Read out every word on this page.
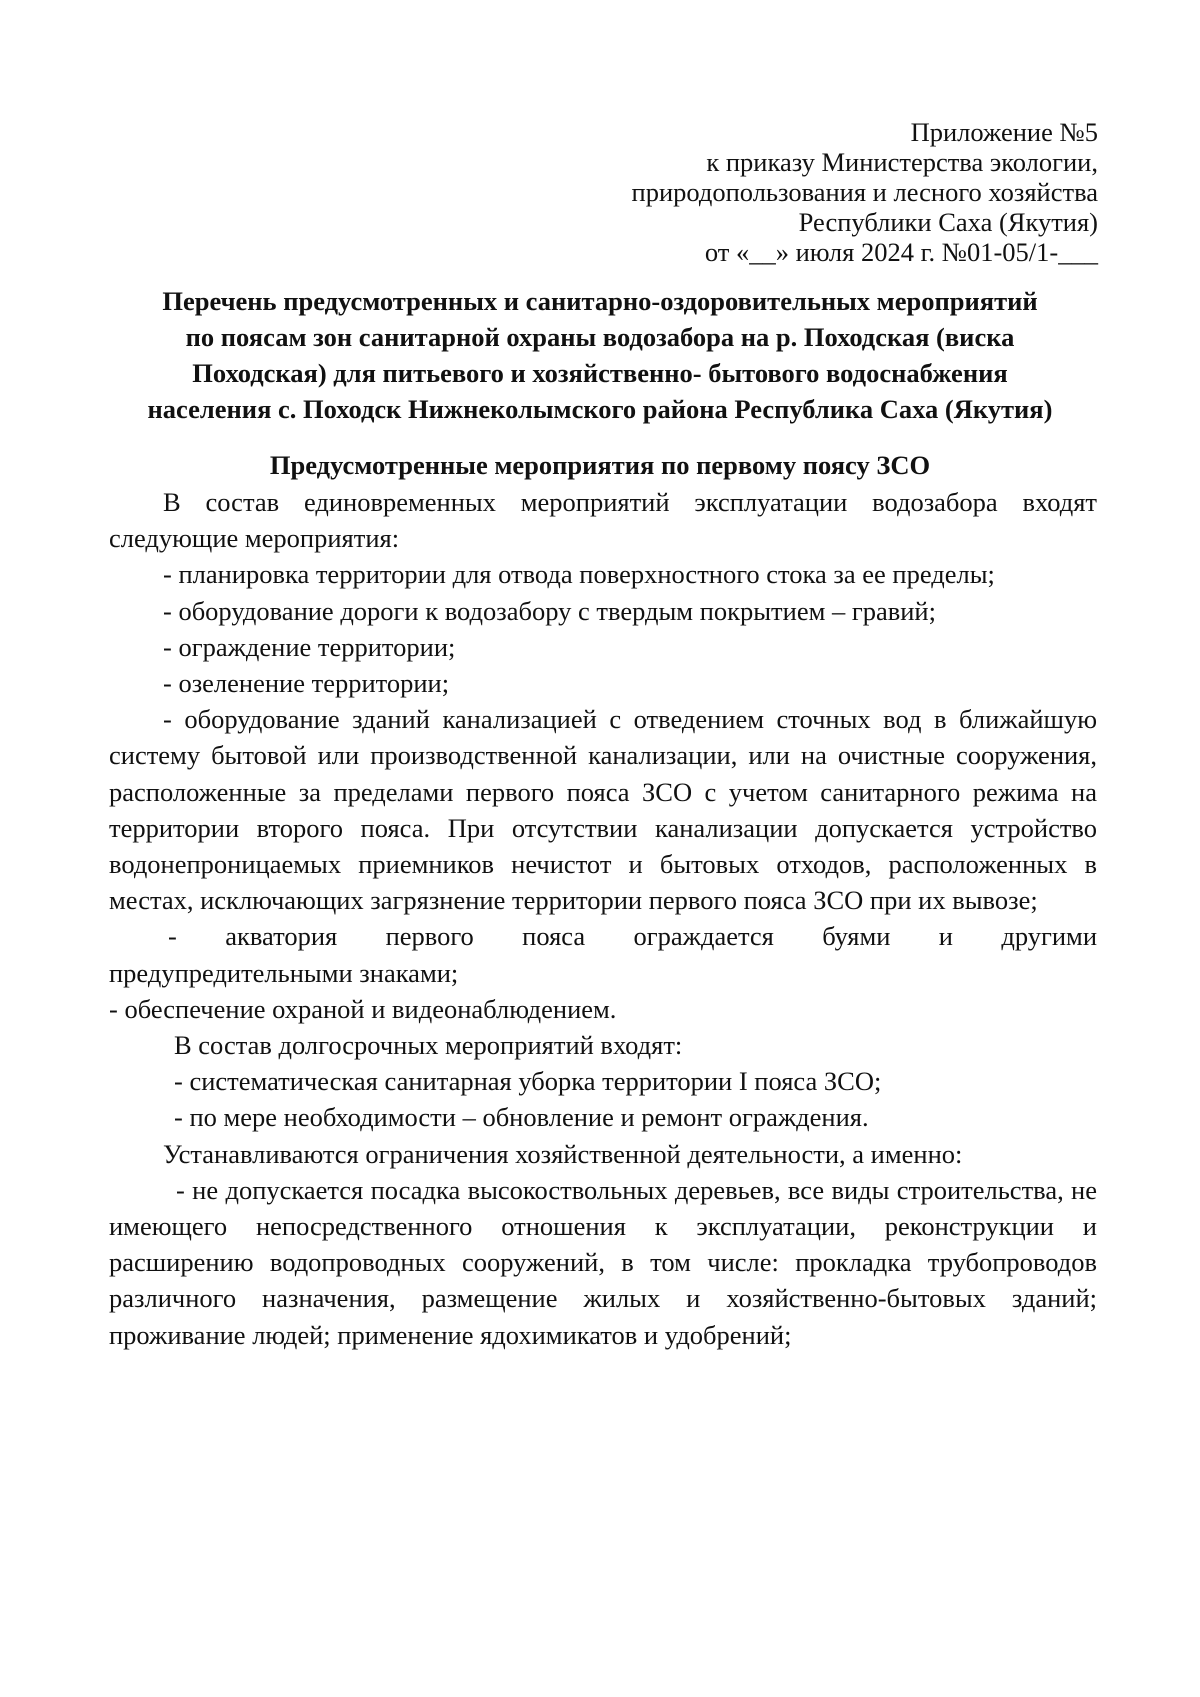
Приложение №5
к приказу Министерства экологии,
природопользования и лесного хозяйства
Республики Саха (Якутия)
от «__» июля 2024 г. №01-05/1-___
Перечень предусмотренных и санитарно-оздоровительных мероприятий
по поясам зон санитарной охраны водозабора на р. Походская (виска
Походская) для питьевого и хозяйственно- бытового водоснабжения
населения с. Походск Нижнеколымского района Республика Саха (Якутия)
Предусмотренные мероприятия по первому поясу ЗСО

В состав единовременных мероприятий эксплуатации водозабора входят следующие мероприятия:

- планировка территории для отвода поверхностного стока за ее пределы;

- оборудование дороги к водозабору с твердым покрытием – гравий;

- ограждение территории;

- озеленение территории;

- оборудование зданий канализацией с отведением сточных вод в ближайшую систему бытовой или производственной канализации, или на очистные сооружения, расположенные за пределами первого пояса ЗСО с учетом санитарного режима на территории второго пояса. При отсутствии канализации допускается устройство водонепроницаемых приемников нечистот и бытовых отходов, расположенных в местах, исключающих загрязнение территории первого пояса ЗСО при их вывозе;

- акватория первого пояса ограждается буями и другими

предупредительными знаками;

- обеспечение охраной и видеонаблюдением.

В состав долгосрочных мероприятий входят:

- систематическая санитарная уборка территории I пояса ЗСО;

- по мере необходимости – обновление и ремонт ограждения.

Устанавливаются ограничения хозяйственной деятельности, а именно:

- не допускается посадка высокоствольных деревьев, все виды строительства, не имеющего непосредственного отношения к эксплуатации, реконструкции и расширению водопроводных сооружений, в том числе: прокладка трубопроводов различного назначения, размещение жилых и хозяйственно-бытовых зданий; проживание людей; применение ядохимикатов и удобрений;
